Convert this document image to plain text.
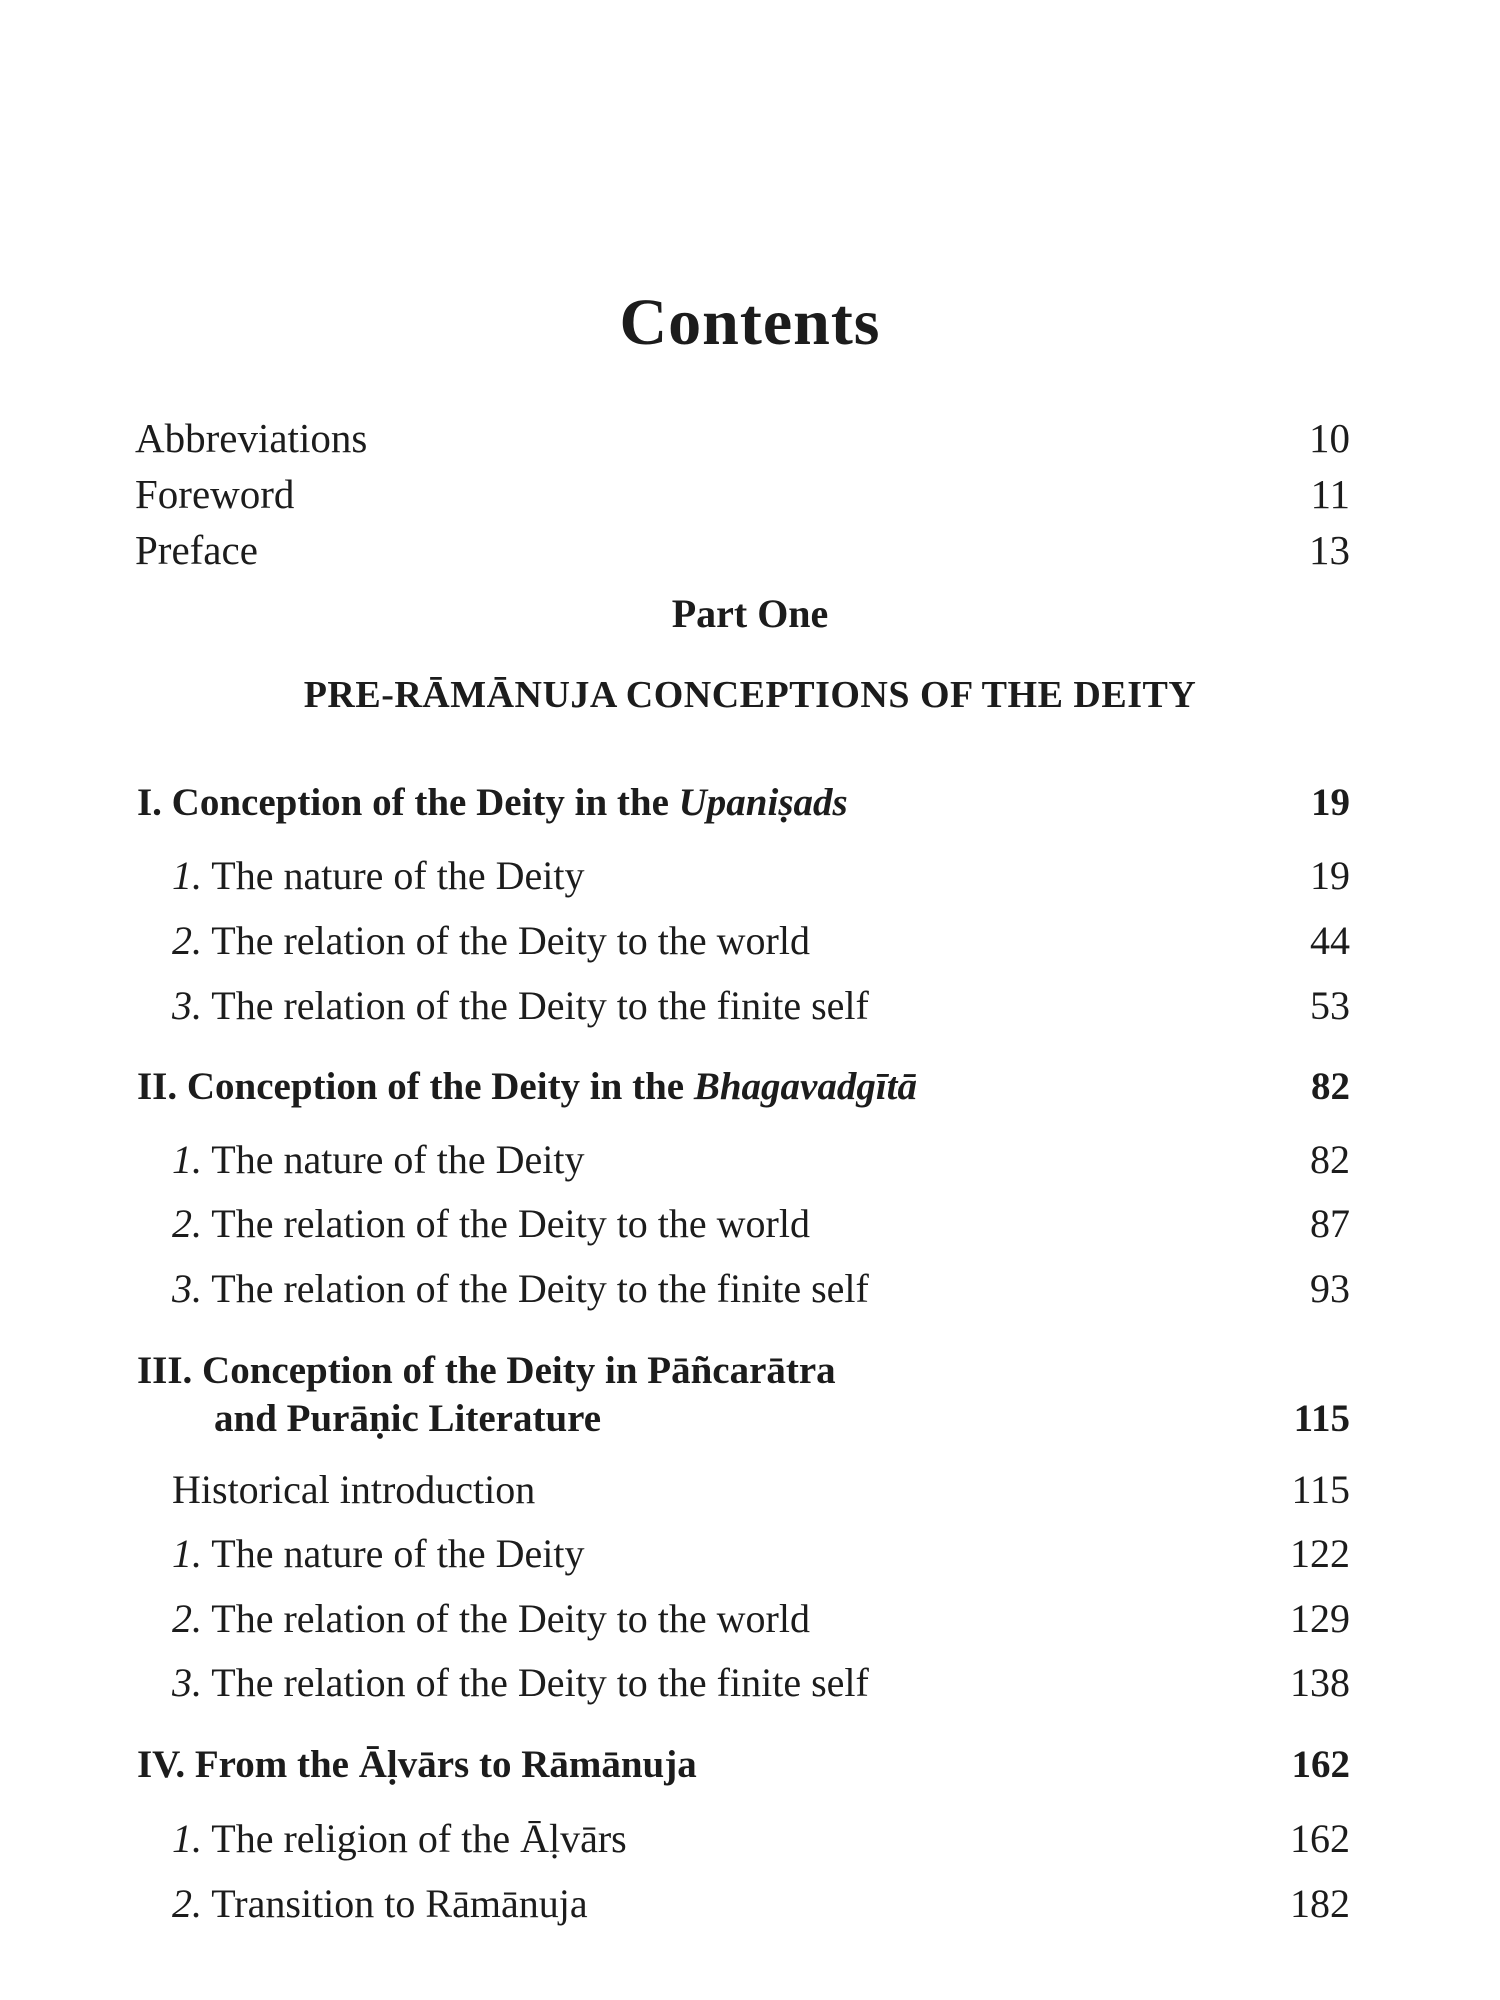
Contents
Abbreviations	10
Foreword	11
Preface	13
Part One
PRE-RĀMĀNUJA CONCEPTIONS OF THE DEITY
I. Conception of the Deity in the Upaniṣads	19
1. The nature of the Deity	19
2. The relation of the Deity to the world	44
3. The relation of the Deity to the finite self	53
II. Conception of the Deity in the Bhagavadgītā	82
1. The nature of the Deity	82
2. The relation of the Deity to the world	87
3. The relation of the Deity to the finite self	93
III. Conception of the Deity in Pāñcarātra
and Purāṇic Literature	115
Historical introduction	115
1. The nature of the Deity	122
2. The relation of the Deity to the world	129
3. The relation of the Deity to the finite self	138
IV. From the Āḷvārs to Rāmānuja	162
1. The religion of the Āḷvārs	162
2. Transition to Rāmānuja	182
